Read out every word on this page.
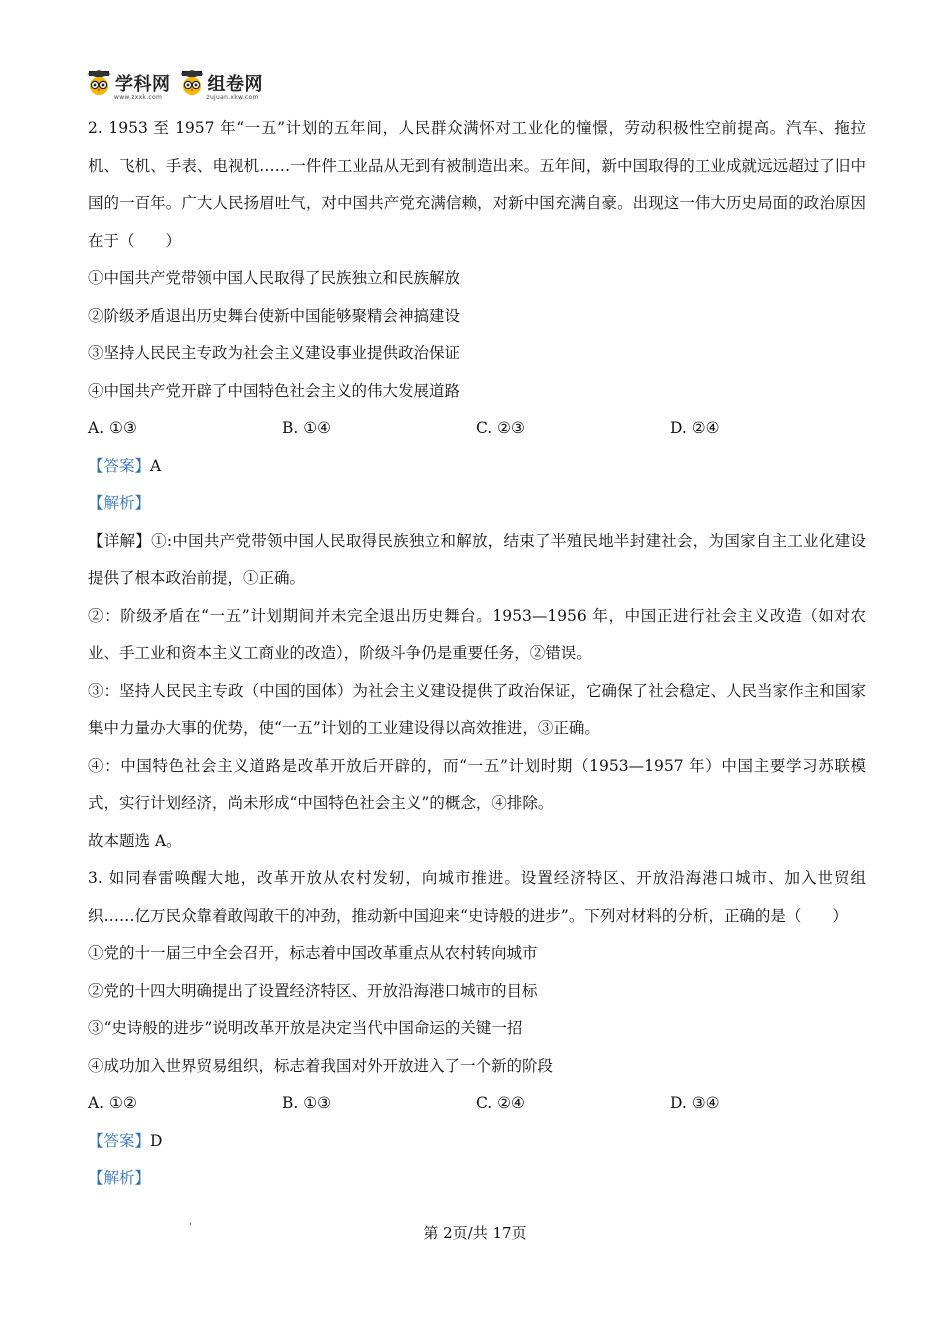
学科网
www.zxxk.com
组卷网
zujuan.xkw.com

2. 1953 至 1957 年“一五”计划的五年间，人民群众满怀对工业化的憧憬，劳动积极性空前提高。汽车、拖拉机、飞机、手表、电视机……一件件工业品从无到有被制造出来。五年间，新中国取得的工业成就远远超过了旧中国的一百年。广大人民扬眉吐气，对中国共产党充满信赖，对新中国充满自豪。出现这一伟大历史局面的政治原因在于（　　）

①中国共产党带领中国人民取得了民族独立和民族解放

②阶级矛盾退出历史舞台使新中国能够聚精会神搞建设

③坚持人民民主专政为社会主义建设事业提供政治保证

④中国共产党开辟了中国特色社会主义的伟大发展道路

A. ①③	B. ①④	C. ②③	D. ②④

【答案】A

【解析】

【详解】①:中国共产党带领中国人民取得民族独立和解放，结束了半殖民地半封建社会，为国家自主工业化建设提供了根本政治前提，①正确。

②：阶级矛盾在“一五”计划期间并未完全退出历史舞台。1953—1956 年，中国正进行社会主义改造（如对农业、手工业和资本主义工商业的改造），阶级斗争仍是重要任务，②错误。

③：坚持人民民主专政（中国的国体）为社会主义建设提供了政治保证，它确保了社会稳定、人民当家作主和国家集中力量办大事的优势，使“一五”计划的工业建设得以高效推进，③正确。

④：中国特色社会主义道路是改革开放后开辟的，而“一五”计划时期（1953—1957 年）中国主要学习苏联模式，实行计划经济，尚未形成“中国特色社会主义”的概念，④排除。

故本题选 A。

3. 如同春雷唤醒大地，改革开放从农村发轫，向城市推进。设置经济特区、开放沿海港口城市、加入世贸组织……亿万民众靠着敢闯敢干的冲劲，推动新中国迎来“史诗般的进步”。下列对材料的分析，正确的是（　　）

①党的十一届三中全会召开，标志着中国改革重点从农村转向城市

②党的十四大明确提出了设置经济特区、开放沿海港口城市的目标

③“史诗般的进步”说明改革开放是决定当代中国命运的关键一招

④成功加入世界贸易组织，标志着我国对外开放进入了一个新的阶段

A. ①②	B. ①③	C. ②④	D. ③④

【答案】D

【解析】

'	第 2页/共 17页
